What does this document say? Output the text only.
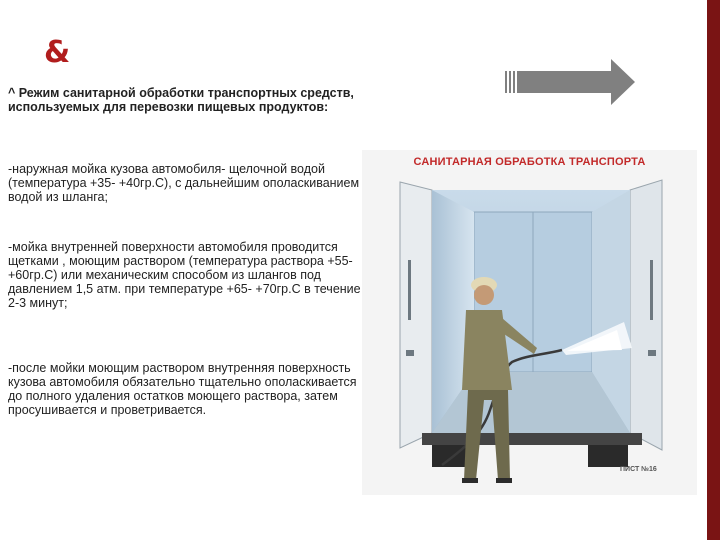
&
^ Режим санитарной обработки транспортных средств, используемых для перевозки пищевых продуктов:
-наружная мойка кузова автомобиля- щелочной водой (температура +35- +40гр.С), с дальнейшим ополаскиванием водой из шланга;
-мойка внутренней поверхности автомобиля проводится щетками , моющим раствором (температура раствора +55-+60гр.С) или механическим способом из шлангов под давлением 1,5 атм. при температуре +65- +70гр.С в течение 2-3 минут;
-после мойки моющим раствором внутренняя поверхность кузова автомобиля обязательно тщательно ополаскивается до полного удаления остатков моющего раствора, затем просушивается и проветривается.
САНИТАРНАЯ ОБРАБОТКА ТРАНСПОРТА
ПИСТ №16
